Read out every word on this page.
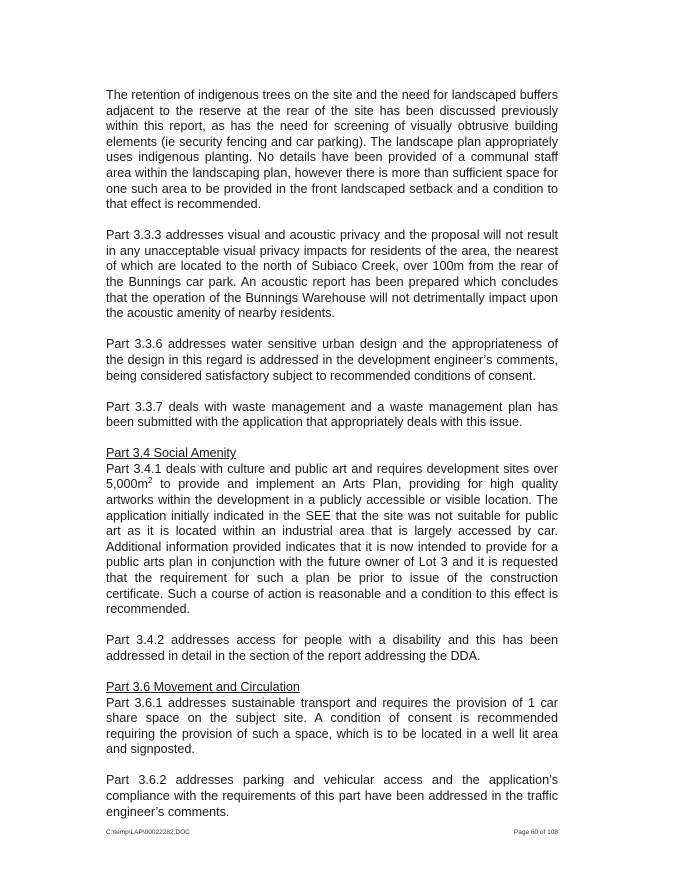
The retention of indigenous trees on the site and the need for landscaped buffers adjacent to the reserve at the rear of the site has been discussed previously within this report, as has the need for screening of visually obtrusive building elements (ie security fencing and car parking). The landscape plan appropriately uses indigenous planting. No details have been provided of a communal staff area within the landscaping plan, however there is more than sufficient space for one such area to be provided in the front landscaped setback and a condition to that effect is recommended.

Part 3.3.3 addresses visual and acoustic privacy and the proposal will not result in any unacceptable visual privacy impacts for residents of the area, the nearest of which are located to the north of Subiaco Creek, over 100m from the rear of the Bunnings car park. An acoustic report has been prepared which concludes that the operation of the Bunnings Warehouse will not detrimentally impact upon the acoustic amenity of nearby residents.

Part 3.3.6 addresses water sensitive urban design and the appropriateness of the design in this regard is addressed in the development engineer’s comments, being considered satisfactory subject to recommended conditions of consent.

Part 3.3.7 deals with waste management and a waste management plan has been submitted with the application that appropriately deals with this issue.

Part 3.4 Social Amenity

Part 3.4.1 deals with culture and public art and requires development sites over $5,000m^2$ to provide and implement an Arts Plan, providing for high quality artworks within the development in a publicly accessible or visible location. The application initially indicated in the SEE that the site was not suitable for public art as it is located within an industrial area that is largely accessed by car. Additional information provided indicates that it is now intended to provide for a public arts plan in conjunction with the future owner of Lot 3 and it is requested that the requirement for such a plan be prior to issue of the construction certificate. Such a course of action is reasonable and a condition to this effect is recommended.

Part 3.4.2 addresses access for people with a disability and this has been addressed in detail in the section of the report addressing the DDA.

Part 3.6 Movement and Circulation

Part 3.6.1 addresses sustainable transport and requires the provision of 1 car share space on the subject site. A condition of consent is recommended requiring the provision of such a space, which is to be located in a well lit area and signposted.

Part 3.6.2 addresses parking and vehicular access and the application’s compliance with the requirements of this part have been addressed in the traffic engineer’s comments.

C:\temp\LAP\00022282.DOC	Page 60 of 108
